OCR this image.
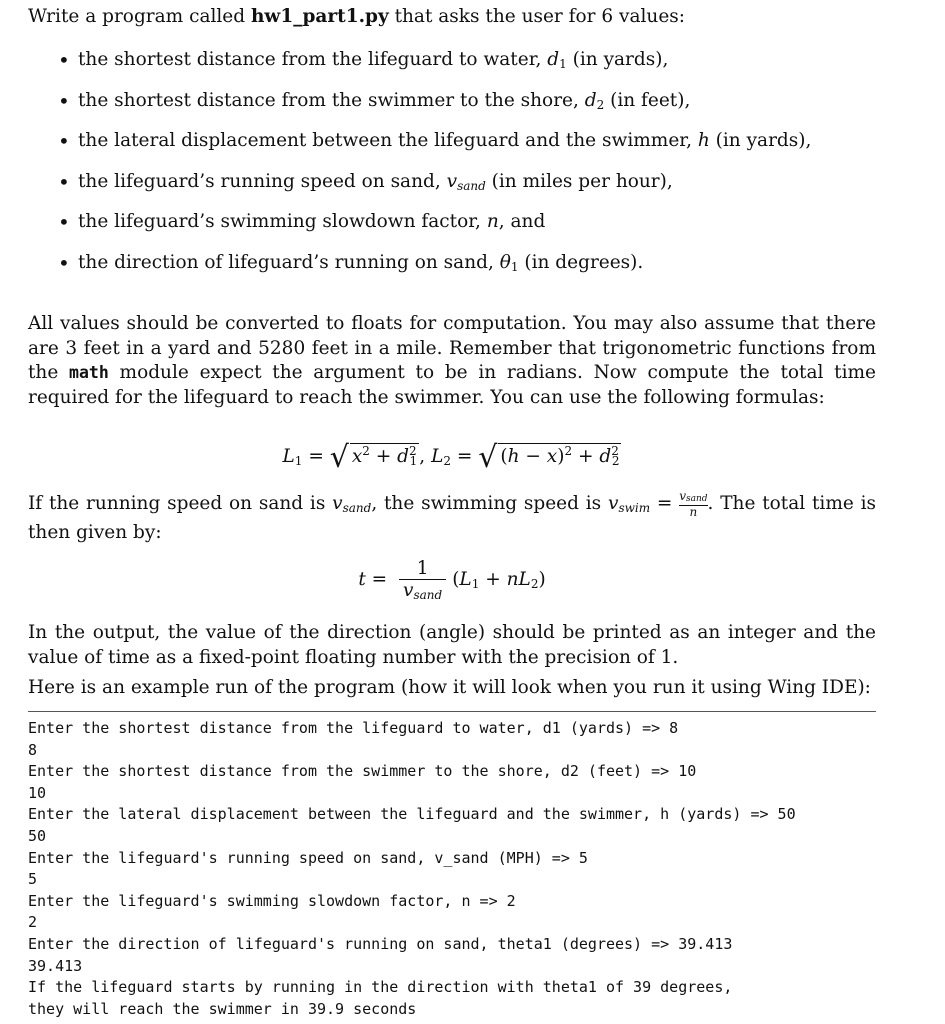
Write a program called hw1_part1.py that asks the user for 6 values:
• the shortest distance from the lifeguard to water, $d_1$ (in yards),
• the shortest distance from the swimmer to the shore, $d_2$ (in feet),
• the lateral displacement between the lifeguard and the swimmer, h (in yards),
• the lifeguard’s running speed on sand, $v_{sand}$ (in miles per hour),
• the lifeguard’s swimming slowdown factor, n, and
• the direction of lifeguard’s running on sand, $\theta_1$ (in degrees).
All values should be converted to floats for computation. You may also assume that there are 3 feet in a yard and 5280 feet in a mile. Remember that trigonometric functions from the math module expect the argument to be in radians. Now compute the total time required for the lifeguard to reach the swimmer. You can use the following formulas:
$L_1$ = √ $x^2 + d^2_1$ , $L_2$ = √ $(h - x)^2 + d^2_2$
If the running speed on sand is $v_{sand}$, the swimming speed is $v_{swim} = \frac{v_{sand}}{n}$. The total time is then given by:
$t = \frac{1}{v_{sand}} (L_1 + nL_2)$
In the output, the value of the direction (angle) should be printed as an integer and the value of time as a fixed-point floating number with the precision of 1.
Here is an example run of the program (how it will look when you run it using Wing IDE):
Enter the shortest distance from the lifeguard to water, d1 (yards) => 8
8
Enter the shortest distance from the swimmer to the shore, d2 (feet) => 10
10
Enter the lateral displacement between the lifeguard and the swimmer, h (yards) => 50
50
Enter the lifeguard's running speed on sand, v_sand (MPH) => 5
5
Enter the lifeguard's swimming slowdown factor, n => 2
2
Enter the direction of lifeguard's running on sand, theta1 (degrees) => 39.413
39.413
If the lifeguard starts by running in the direction with theta1 of 39 degrees,
they will reach the swimmer in 39.9 seconds
